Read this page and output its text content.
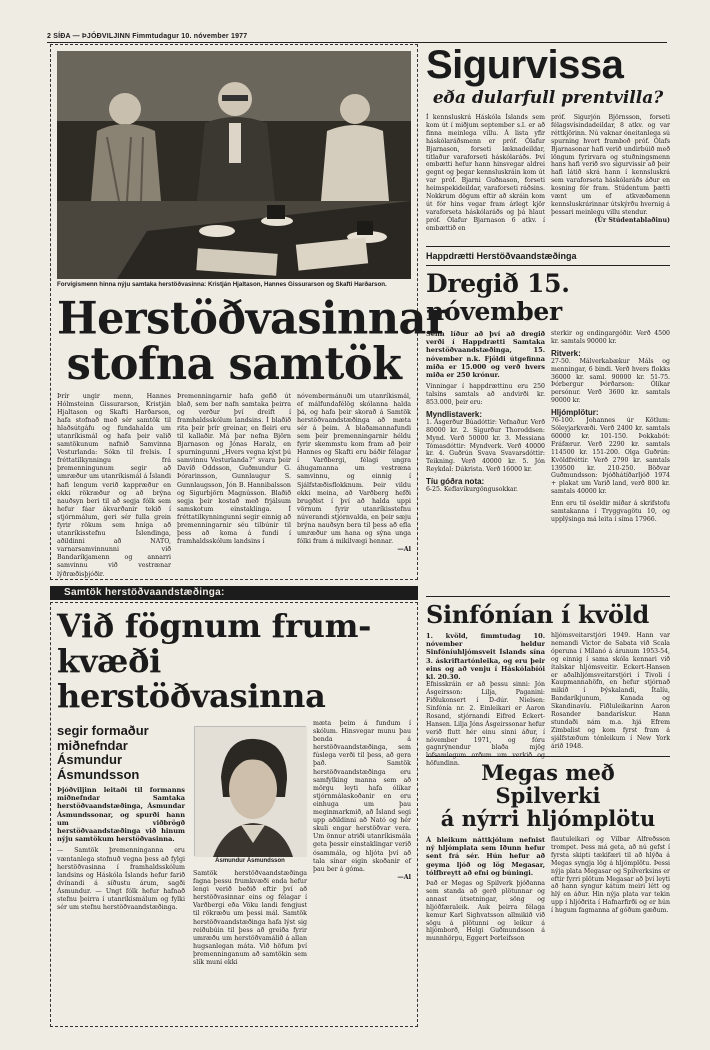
2 SÍÐA — ÞJÓÐVILJINN Fimmtudagur 10. nóvember 1977
Forvígismenn hinna nýju samtaka herstöðvasinna: Kristján Hjaltason, Hannes Gissurarson og Skafti Harðarson.
Herstöðvasinnar
stofna samtök
Þrír ungir menn, Hannes Hólmsteinn Gissurarson, Kristján Hjaltason og Skafti Harðarson, hafa stofnað með sér samtök til hlaðsútgáfu og fundahalda um utanríkismál og hafa þeir valið samtökunum nafnið Samvinna Vesturlanda: Sókn til frelsis. Í fréttatilkynningu frá þremenningunum segir að umræður um utanríkismál á Íslandi hafi lengum verið kappræður en ekki rökræður og að brýna nauðsyn beri til að segja fólk sem hefur fáar ákvarðanir tekið í stjórnmálum, geri sér fulla grein fyrir rökum sem hníga að utanríkisstefnu Íslendinga, aðildinni að NATO, varnarsamvinnunni við Bandaríkjamenn og annarri samvinnu við vestrænar lýðræðisþjóðir.
Þremenningarnir hafa gefið út blað, sem ber nafn samtaka þeirra og verður því dreift í framhaldsskólum landsins. Í blaðið rita þeir þrír greinar, en fleiri eru til kallaðir. Má þar nefna Björn Bjarnason og Jónas Haralz, en spurningunni „Hvers vegna kýst þú samvinnu Vesturlanda?“ svara þeir Davíð Oddsson, Guðmundur G. Þórarinsson, Gunnlaugur S. Gunnlaugsson, Jón B. Hannibalsson og Sigurbjörn Magnússon. Blaðið segja þeir kostað með frjálsum samskotum einstaklinga. Í fréttatilkynningunni segir einnig að þremenningarnir séu tilbúnir til þess að koma á fundi í framhaldsskólum landsins í
nóvembermánuði um utanríkismál, ef málfundafélög skólanna halda þá, og hafa þeir skorað á Samtök herstöðvaandstæðinga að mæta sér á þeim. Á blaðamannafundi sem þeir þremenningarnir héldu fyrir skemmstu kom fram að þeir Hannes og Skafti eru báðir félagar í Varðbergi, félagi ungra áhugamanna um vestræna samvinnu, og einnig í Sjálfstæðisflokknum. Þeir vildu ekki meina, að Varðberg hefði brugðist í því að halda uppi vörnum fyrir utanríkisstefnu núverandi stjórnvalda, en þeir sæju brýna nauðsyn bera til þess að efla umræður um hana og sýna unga fólki fram á mikilvægi hennar.
—Al
Samtök herstöðvaandstæðinga:
Við fögnum frum-
kvæði herstöðvasinna
segir formaður
miðnefndar
Ásmundur
Ásmundsson
Þjóðviljinn leitaði til formanns miðnefndar Samtaka herstöðvaandstæðinga, Ásmundar Ásmundssonar, og spurði hann um viðbrögð herstöðvaandstæðinga við hinum nýju samtökum herstöðvasinna.
— Samtök þremenninganna eru væntanlega stofnuð vegna þess að fylgi herstöðvasinna í framhaldsskólum landsins og Háskóla Íslands hefur farið dvínandi á síðustu árum, sagði Ásmundur. — Ungt fólk hefur hafnað stefnu þeirra í utanríkismálum og fylki sér um stefnu herstöðvaandstæðinga.
Ásmundur Ásmundsson
Samtök herstöðvaandstæðinga fagna þessu frumkvæði enda hefur lengi verið beðið eftir því að herstöðvasinnar eins og félagar í Varðbergi eða Vöku landi fengjust til rökræðu um þessi mál. Samtök herstöðvaandstæðinga hafa lýst sig reiðubúin til þess að greiða fyrir umræðu um herstöðvamálið á allan hugsanlegan máta. Við höfum því þremenninganum að samtökin sem slík muni ekki
mæta þeim á fundum í skólum. Hinsvegar munu þau benda á herstöðvaandstæðinga, sem fúslega verði til þess, að gera það. Samtök herstöðvaandstæðinga eru samfylking manna sem að mörgu leyti hafa ólíkar stjórnmálaskoðanir en eru einhuga um þau meginmarkmið, að Ísland segi upp aðildinni að Nató og hér skuli engar herstöðvar vera. Um önnur atriði utanríkismála geta þessir einstaklingar verið ósammála, og hljóta því að tala sínar eigin skoðanir ef þau ber á góma.
—Al
Sigurvissa
eða dularfull prentvilla?
Í kennsluskrá Háskóla Íslands sem kom út í miðjum september s.l. er að finna meinlega villu. Á lista yfir háskólaráðsmenn er próf. Ólafur Bjarnason, forseti læknadeildar, titlaður varaforseti háskólaráðs. Því embætti hefur hann hinsvegar aldrei gegnt og þegar kennsluskráin kom út var próf. Bjarni Guðnason, forseti heimspekideildar, varaforseti ráðsins. Nokkrum dögum eftir að skráin kom út fór hins vegar fram árlegt kjör varaforseta háskólaráðs og þá hlaut próf. Ólafur Bjarnason 6 atkv. í embættið en
próf. Sigurjón Björnsson, forseti félagsvísindadeildar, 8 atkv. og var réttkjörinn. Nú vaknar óneitanlega sú spurning hvort framboð próf. Ólafs Bjarnasonar hafi verið undirbúið með löngum fyrirvara og stuðningsmenn hans hafi verið svo sigurvissir að þeir hafi látið skrá hann í kennsluskrá sem varaforseta háskólaráðs áður en kosning fór fram. Stúdentum þætti vænt um ef atkvæðamenn kennsluskrárinnar útskýrðu hvernig á þessari meinlegu villu stendur.
(Úr Stúdentablaðinu)
Happdrætti Herstöðvaandstæðinga
Dregið 15. nóvember
Senn líður að því að dregið verði í Happdrætti Samtaka herstöðvaandstæðinga, 15. nóvember n.k. Fjöldi útgefinna miða er 15.000 og verð hvers miða er 250 krónur.
Vinningar í happdrættinu eru 250 talsins samtals að andvirði kr. 853.000, þeir eru:
Myndlistaverk:
1. Ásgerður Búadóttir: Vefnaður. Verð 80000 kr. 2. Sigurður Thoroddsen: Mynd. Verð 50000 kr. 3. Messiana Tómasdóttir: Myndverk. Verð 40000 kr. 4. Guðrún Svava Svavarsdóttir: Teikning. Verð 40000 kr. 5. Jón Reykdal: Dúkrista. Verð 16000 kr.
Tíu góðra nota:
6-25. Keflavíkurgöngusokkar.
sterkir og endingargóðir. Verð 4500 kr. samtals 90000 kr.
Ritverk:
27-50. Málverkabækur Máls og menningar, 6 bindi. Verð hvers flokks 36000 kr. saml. 90000 kr. 51-75. Þórbergur Þórðarson: Ólíkar persónur. Verð 3600 kr. samtals 90000 kr.
Hljómplötur:
76-100. Johannes úr Kötlum: Sóleyjarkvæði. Verð 2400 kr. samtals 60000 kr. 101-150. Þokkabót: Fráfærur. Verð 2290 kr. samtals 114500 kr. 151-200. Olga Guðrún: Kvöldfréttir. Verð 2790 kr. samtals 139500 kr. 210-250. Böðvar Guðmundsson: Þjóðhátíðarljóð 1974 + plakat um Varið land, verð 800 kr. samtals 40000 kr.
Enn eru til óseldir miðar á skrifstofu samtakanna í Tryggvagötu 10, og upplýsinga má leita í síma 17966.
Sinfónían í kvöld
1. kvöld, fimmtudag 10. nóvember heldur Sinfóníuhljómsveit Íslands sína 3. áskriftartónleika, og eru þeir eins og að venju í Háskólabíói kl. 20.30.
Efnisskráin er að þessu sinni: Jón Ásgeirsson: Lilja, Paganini: Fiðlukonsert í D-dúr. Nielsen: Sinfónía nr. 2. Einleikari er Aaron Rosand, stjórnandi Eifred Eckert-Hansen. Lilja Jóns Ásgeirssonar hefur verið flutt hér einu sinni áður, í nóvember 1971, og fóru gagnrýnendur blaða mjög lofsamlegum orðum um verkið og höfundinn.
hljómsveitarstjóri 1949. Hann var nemandi Victor de Sabata við Scala óperuna í Mílanó á árunum 1953-54, og einnig í sama skóla kennari við ítalskar hljómsveitir. Eckert-Hansen er aðalhljómsveitarstjóri í Tivoli í Kaupmannahöfn, en hefur stjórnað mikið í Þýskalandi, Ítalíu, Bandaríkjunum, Kanada og Skandinavíu. Fiðluleikarinn Aaron Rosander bandarískur. Hann stundaði nám m.a. hjá Efrem Zimbalist og kom fyrst fram á sjálfstæðum tónleikum í New York árið 1948.
Megas með Spilverki
á nýrri hljómplötu
Á bleikum náttkjólum nefnist ný hljómplata sem Iðunn hefur sent frá sér. Hún hefur að geyma ljóð og lög Megasar, tólfbreytt að efni og búningi.
Það er Megas og Spilverk þjóðanna sem standa að gerð plötunnar og annast útsetningar, söng og hljóðfæraleik. Auk þeirra félaga kemur Karl Sighvatsson allmikið við sögu á plötunni og leikur á hljómborð, Helgi Guðmundsson á munnhörpu, Eggert Þorleifsson
flautuleikari og Vilbar Alfreðsson trompet. Þess má geta, að nú gefst í fyrsta skipti tækifæri til að hlýða á Megas syngja lög á hljómplötu. Þessi nýja plata Megasar og Spilverksins er eftir fyrri plötum Megasar að því leyti að hann syngur kátum meiri létt og hlý en áður. Hin nýja plata var tekin upp í hljóðrita í Hafnarfirði og er hún í hugum fagmanna af góðum gæðum.
